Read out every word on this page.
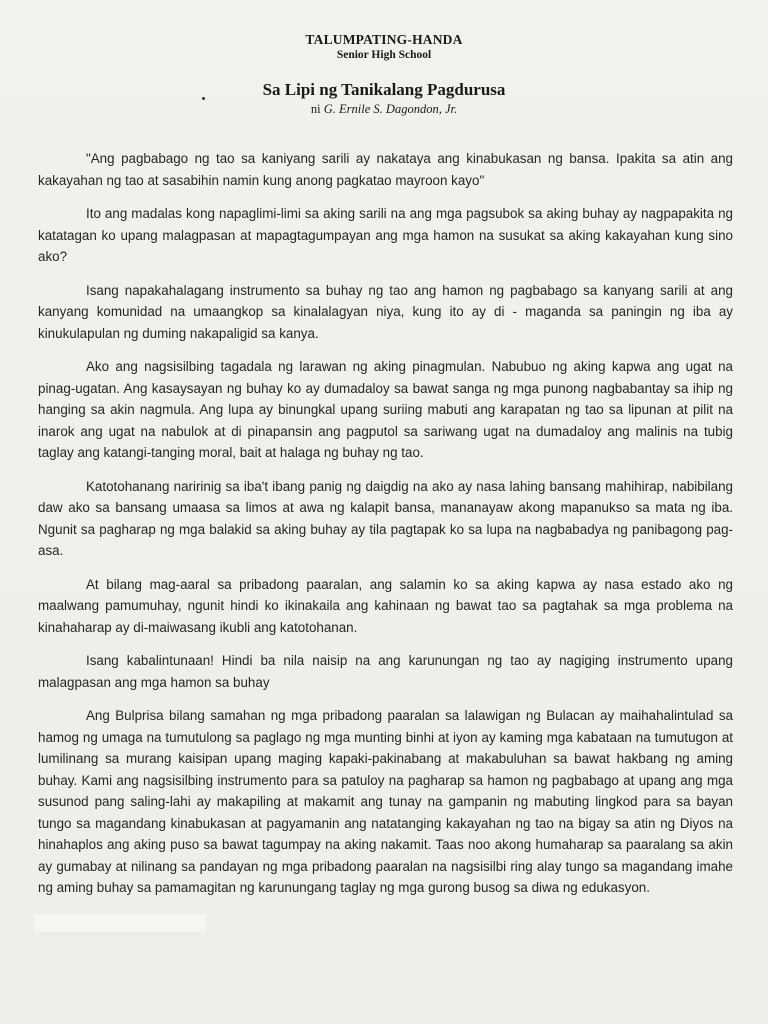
TALUMPATING-HANDA
Senior High School
Sa Lipi ng Tanikalang Pagdurusa
ni G. Ernile S. Dagondon, Jr.

"Ang pagbabago ng tao sa kaniyang sarili ay nakataya ang kinabukasan ng bansa. Ipakita sa atin ang kakayahan ng tao at sasabihin namin kung anong pagkatao mayroon kayo"

Ito ang madalas kong napaglimi-limi sa aking sarili na ang mga pagsubok sa aking buhay ay nagpapakita ng katatagan ko upang malagpasan at mapagtagumpayan ang mga hamon na susukat sa aking kakayahan kung sino ako?

Isang napakahalagang instrumento sa buhay ng tao ang hamon ng pagbabago sa kanyang sarili at ang kanyang komunidad na umaangkop sa kinalalagyan niya, kung ito ay di - maganda sa paningin ng iba ay kinukulapulan ng duming nakapaligid sa kanya.

Ako ang nagsisilbing tagadala ng larawan ng aking pinagmulan. Nabubuo ng aking kapwa ang ugat na pinag-ugatan. Ang kasaysayan ng buhay ko ay dumadaloy sa bawat sanga ng mga punong nagbabantay sa ihip ng hanging sa akin nagmula. Ang lupa ay binungkal upang suriing mabuti ang karapatan ng tao sa lipunan at pilit na inarok ang ugat na nabulok at di pinapansin ang pagputol sa sariwang ugat na dumadaloy ang malinis na tubig taglay ang katangi-tanging moral, bait at halaga ng buhay ng tao.

Katotohanang naririnig sa iba't ibang panig ng daigdig na ako ay nasa lahing bansang mahihirap, nabibilang daw ako sa bansang umaasa sa limos at awa ng kalapit bansa, mananayaw akong mapanukso sa mata ng iba. Ngunit sa pagharap ng mga balakid sa aking buhay ay tila pagtapak ko sa lupa na nagbabadya ng panibagong pag-asa.

At bilang mag-aaral sa pribadong paaralan, ang salamin ko sa aking kapwa ay nasa estado ako ng maalwang pamumuhay, ngunit hindi ko ikinakaila ang kahinaan ng bawat tao sa pagtahak sa mga problema na kinahaharap ay di-maiwasang ikubli ang katotohanan.

Isang kabalintunaan! Hindi ba nila naisip na ang karunungan ng tao ay nagiging instrumento upang malagpasan ang mga hamon sa buhay

Ang Bulprisa bilang samahan ng mga pribadong paaralan sa lalawigan ng Bulacan ay maihahalintulad sa hamog ng umaga na tumutulong sa paglago ng mga munting binhi at iyon ay kaming mga kabataan na tumutugon at lumilinang sa murang kaisipan upang maging kapaki-pakinabang at makabuluhan sa bawat hakbang ng aming buhay. Kami ang nagsisilbing instrumento para sa patuloy na pagharap sa hamon ng pagbabago at upang ang mga susunod pang saling-lahi ay makapiling at makamit ang tunay na gampanin ng mabuting lingkod para sa bayan tungo sa magandang kinabukasan at pagyamanin ang natatanging kakayahan ng tao na bigay sa atin ng Diyos na hinahaplos ang aking puso sa bawat tagumpay na aking nakamit. Taas noo akong humaharap sa paaralang sa akin ay gumabay at nilinang sa pandayan ng mga pribadong paaralan na nagsisilbi ring alay tungo sa magandang imahe ng aming buhay sa pamamagitan ng karunungang taglay ng mga gurong busog sa diwa ng edukasyon.
